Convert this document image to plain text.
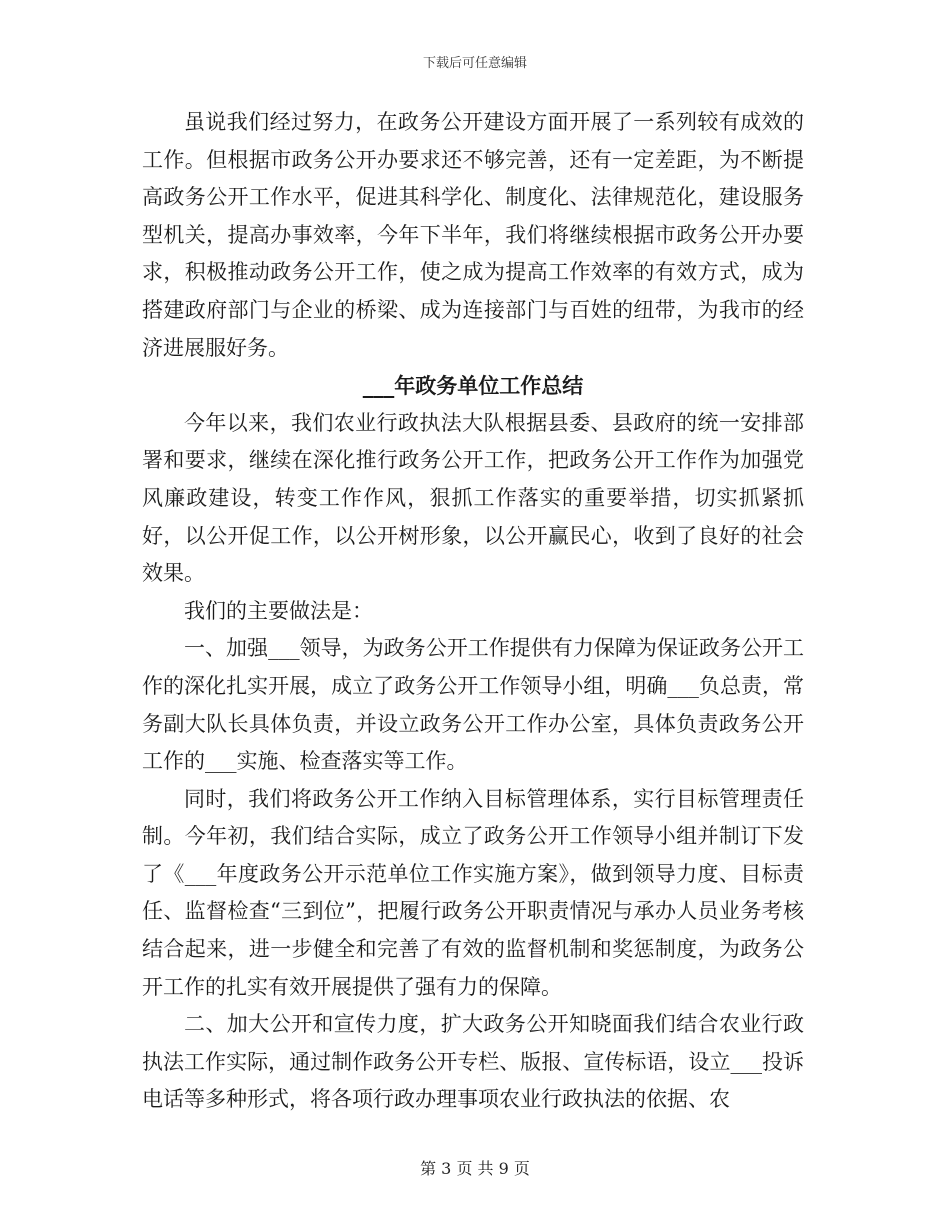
下载后可任意编辑

虽说我们经过努力，在政务公开建设方面开展了一系列较有成效的工作。但根据市政务公开办要求还不够完善，还有一定差距，为不断提高政务公开工作水平，促进其科学化、制度化、法律规范化，建设服务型机关，提高办事效率，今年下半年，我们将继续根据市政务公开办要求，积极推动政务公开工作，使之成为提高工作效率的有效方式，成为搭建政府部门与企业的桥梁、成为连接部门与百姓的纽带，为我市的经济进展服好务。

___年政务单位工作总结

今年以来，我们农业行政执法大队根据县委、县政府的统一安排部署和要求，继续在深化推行政务公开工作，把政务公开工作作为加强党风廉政建设，转变工作作风，狠抓工作落实的重要举措，切实抓紧抓好，以公开促工作，以公开树形象，以公开赢民心，收到了良好的社会效果。

我们的主要做法是：

一、加强___领导，为政务公开工作提供有力保障为保证政务公开工作的深化扎实开展，成立了政务公开工作领导小组，明确___负总责，常务副大队长具体负责，并设立政务公开工作办公室，具体负责政务公开工作的___实施、检查落实等工作。

同时，我们将政务公开工作纳入目标管理体系，实行目标管理责任制。今年初，我们结合实际，成立了政务公开工作领导小组并制订下发了《___年度政务公开示范单位工作实施方案》，做到领导力度、目标责任、监督检查“三到位”，把履行政务公开职责情况与承办人员业务考核结合起来，进一步健全和完善了有效的监督机制和奖惩制度，为政务公开工作的扎实有效开展提供了强有力的保障。

二、加大公开和宣传力度，扩大政务公开知晓面我们结合农业行政执法工作实际，通过制作政务公开专栏、版报、宣传标语，设立___投诉电话等多种形式，将各项行政办理事项农业行政执法的依据、农

第 3 页 共 9 页
